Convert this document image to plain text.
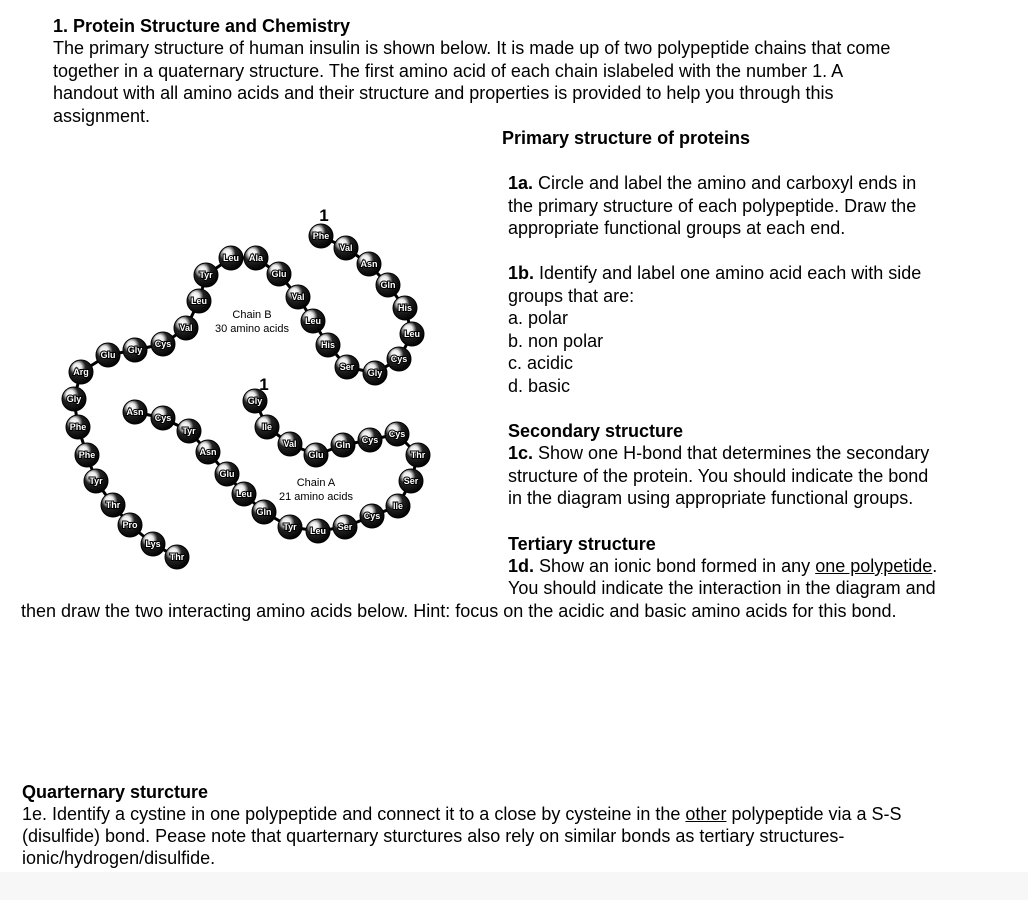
1. Protein Structure and Chemistry
The primary structure of human insulin is shown below. It is made up of two polypeptide chains that come
together in a quaternary structure. The first amino acid of each chain islabeled with the number 1. A
handout with all amino acids and their structure and properties is provided to help you through this
assignment.
Primary structure of proteins
1a. Circle and label the amino and carboxyl ends in
the primary structure of each polypeptide. Draw the
appropriate functional groups at each end.
1b. Identify and label one amino acid each with side
groups that are:
a. polar
b. non polar
c. acidic
d. basic
Secondary structure
1c. Show one H-bond that determines the secondary
structure of the protein. You should indicate the bond
in the diagram using appropriate functional groups.
Tertiary structure
1d. Show an ionic bond formed in any one polypetide.
You should indicate the interaction in the diagram and
then draw the two interacting amino acids below. Hint: focus on the acidic and basic amino acids for this bond.
Quarternary sturcture
1e. Identify a cystine in one polypeptide and connect it to a close by cysteine in the other polypeptide via a S-S
(disulfide) bond. Pease note that quarternary sturctures also rely on similar bonds as tertiary structures-
ionic/hydrogen/disulfide.
Phe
Val
Asn
Gln
His
Leu
Cys
Gly
Ser
His
Leu
Val
Glu
Ala
Leu
Tyr
Leu
Val
Cys
Gly
Glu
Arg
Gly
Phe
Phe
Tyr
Thr
Pro
Lys
Thr
Gly
Ile
Val
Glu
Gln Cys
Cys
Thr
Ser
Ile
Cys
Ser
Leu
Tyr
Gln
Leu
Glu
Asn
Tyr
Cys
Asn
Chain B
30 amino acids
1
Chain A
21 amino acids
1
